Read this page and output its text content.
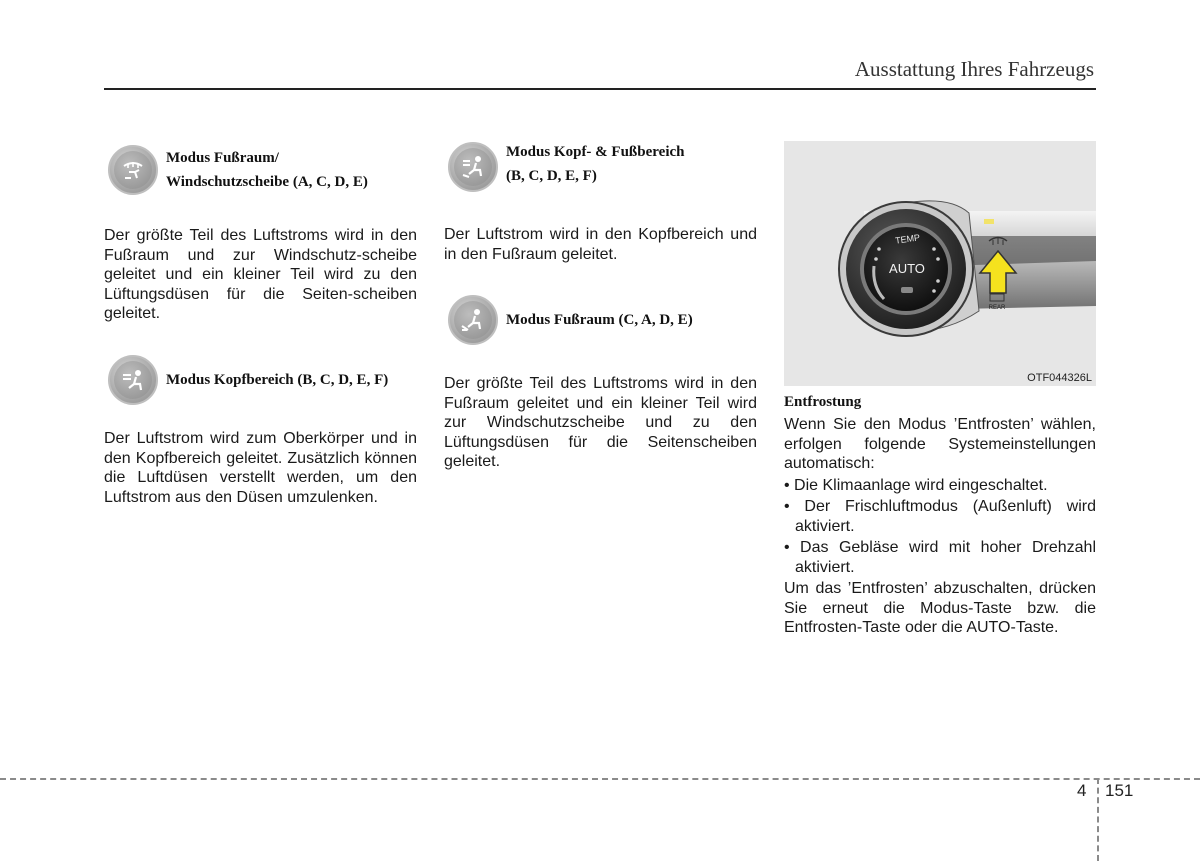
Ausstattung Ihres Fahrzeugs
Modus Fußraum/
Windschutzscheibe (A, C, D, E)
Der größte Teil des Luftstroms wird in den Fußraum und zur Windschutz-scheibe geleitet und ein kleiner Teil wird zu den Lüftungsdüsen für die Seiten-scheiben geleitet.
Modus Kopfbereich (B, C, D, E, F)
Der Luftstrom wird zum Oberkörper und in den Kopfbereich geleitet. Zusätzlich können die Luftdüsen verstellt werden, um den Luftstrom aus den Düsen umzulenken.
Modus Kopf- & Fußbereich
(B, C, D, E, F)
Der Luftstrom wird in den Kopfbereich und in den Fußraum geleitet.
Modus Fußraum (C, A, D, E)
Der größte Teil des Luftstroms wird in den Fußraum geleitet und ein kleiner Teil wird zur Windschutzscheibe und zu den Lüftungsdüsen für die Seitenscheiben geleitet.
TEMP
AUTO
REAR
OTF044326L
Entfrostung

Wenn Sie den Modus ’Entfrosten’ wählen, erfolgen folgende Systemeinstellungen automatisch:

• Die Klimaanlage wird eingeschaltet.

• Der Frischluftmodus (Außenluft) wird aktiviert.

• Das Gebläse wird mit hoher Drehzahl aktiviert.

Um das ’Entfrosten’ abzuschalten, drücken Sie erneut die Modus-Taste bzw. die Entfrosten-Taste oder die AUTO-Taste.

4 151
